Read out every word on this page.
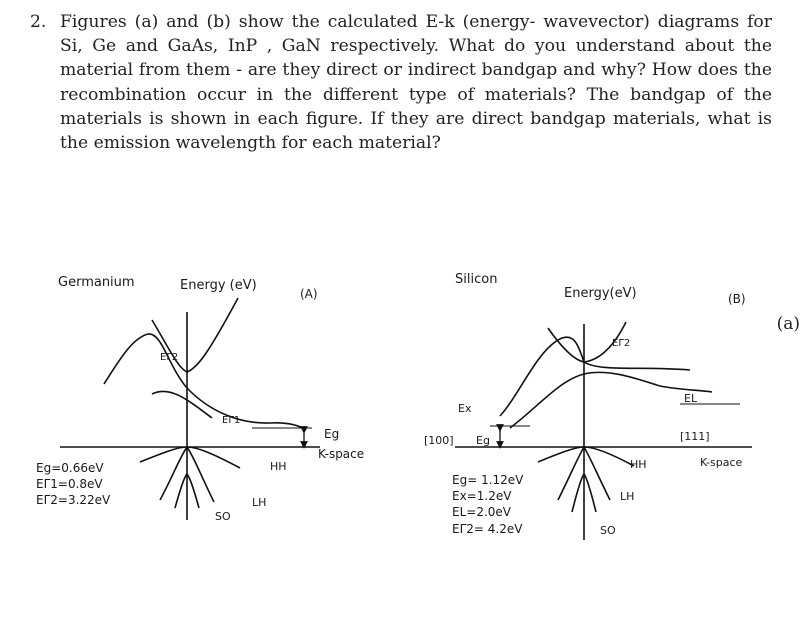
2. Figures (a) and (b) show the calculated E-k (energy- wavevector) diagrams for Si, Ge and GaAs, InP , GaN respectively. What do you understand about the material from them - are they direct or indirect bandgap and why? How does the recombination occur in the different type of materials? The bandgap of the materials is shown in each figure. If they are direct bandgap materials, what is the emission wavelength for each material?
Germanium	Energy (eV)
(A)
EΓ2
EΓ1
Eg
K-space
HH
LH
SO
Eg=0.66eV
EΓ1=0.8eV
EΓ2=3.22eV
Silicon
Energy(eV)	(B)
EΓ2
Ex
EL
[100] Eg	[111]
K-space
HH
LH
SO
Eg= 1.12eV
Ex=1.2eV
EL=2.0eV
EΓ2= 4.2eV
(a)
